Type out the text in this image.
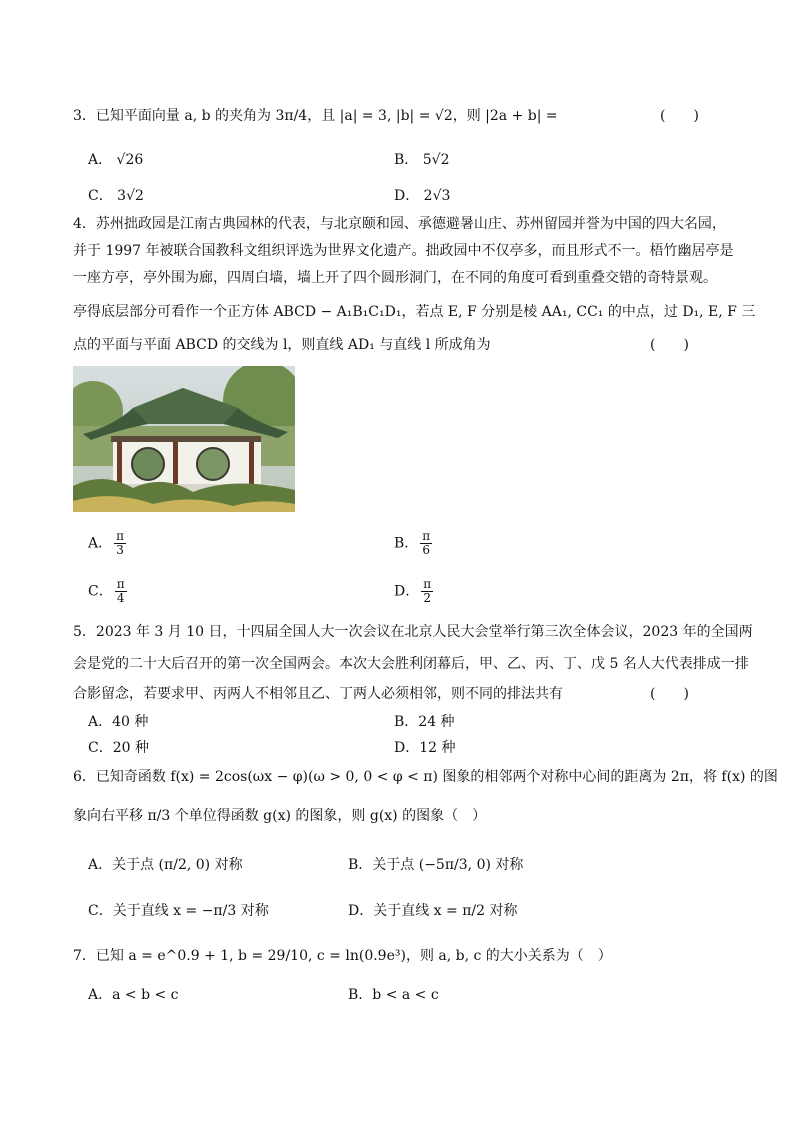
3．已知平面向量 a, b 的夹角为 3π/4，且 |a| = 3, |b| = √2，则 |2a + b| =	(　　)
A． √26	B． 5√2
C． 3√2	D． 2√3
4．苏州拙政园是江南古典园林的代表，与北京颐和园、承德避暑山庄、苏州留园并誉为中国的四大名园，
并于 1997 年被联合国教科文组织评选为世界文化遗产。拙政园中不仅亭多，而且形式不一。梧竹幽居亭是
一座方亭，亭外围为廊，四周白墙，墙上开了四个圆形洞门，在不同的角度可看到重叠交错的奇特景观。
亭得底层部分可看作一个正方体 ABCD − A₁B₁C₁D₁，若点 E, F 分别是棱 AA₁, CC₁ 的中点，过 D₁, E, F 三
点的平面与平面 ABCD 的交线为 l，则直线 AD₁ 与直线 l 所成角为	(　　)
A． $\frac{\pi}{3}$	B． $\frac{\pi}{6}$
C． $\frac{\pi}{4}$	D． $\frac{\pi}{2}$
5．2023 年 3 月 10 日，十四届全国人大一次会议在北京人民大会堂举行第三次全体会议，2023 年的全国两
会是党的二十大后召开的第一次全国两会。本次大会胜利闭幕后，甲、乙、丙、丁、戊 5 名人大代表排成一排
合影留念，若要求甲、丙两人不相邻且乙、丁两人必须相邻，则不同的排法共有	(　　)
A．40 种	B．24 种
C．20 种	D．12 种
6．已知奇函数 f(x) = 2cos(ωx − φ)(ω > 0, 0 < φ < π) 图象的相邻两个对称中心间的距离为 2π，将 f(x) 的图
象向右平移 π/3 个单位得函数 g(x) 的图象，则 g(x) 的图象（　）
A．关于点 (π/2, 0) 对称	B．关于点 (−5π/3, 0) 对称
C．关于直线 x = −π/3 对称	D．关于直线 x = π/2 对称
7．已知 a = e^0.9 + 1, b = 29/10, c = ln(0.9e³)，则 a, b, c 的大小关系为（　）
A．a < b < c	B．b < a < c
